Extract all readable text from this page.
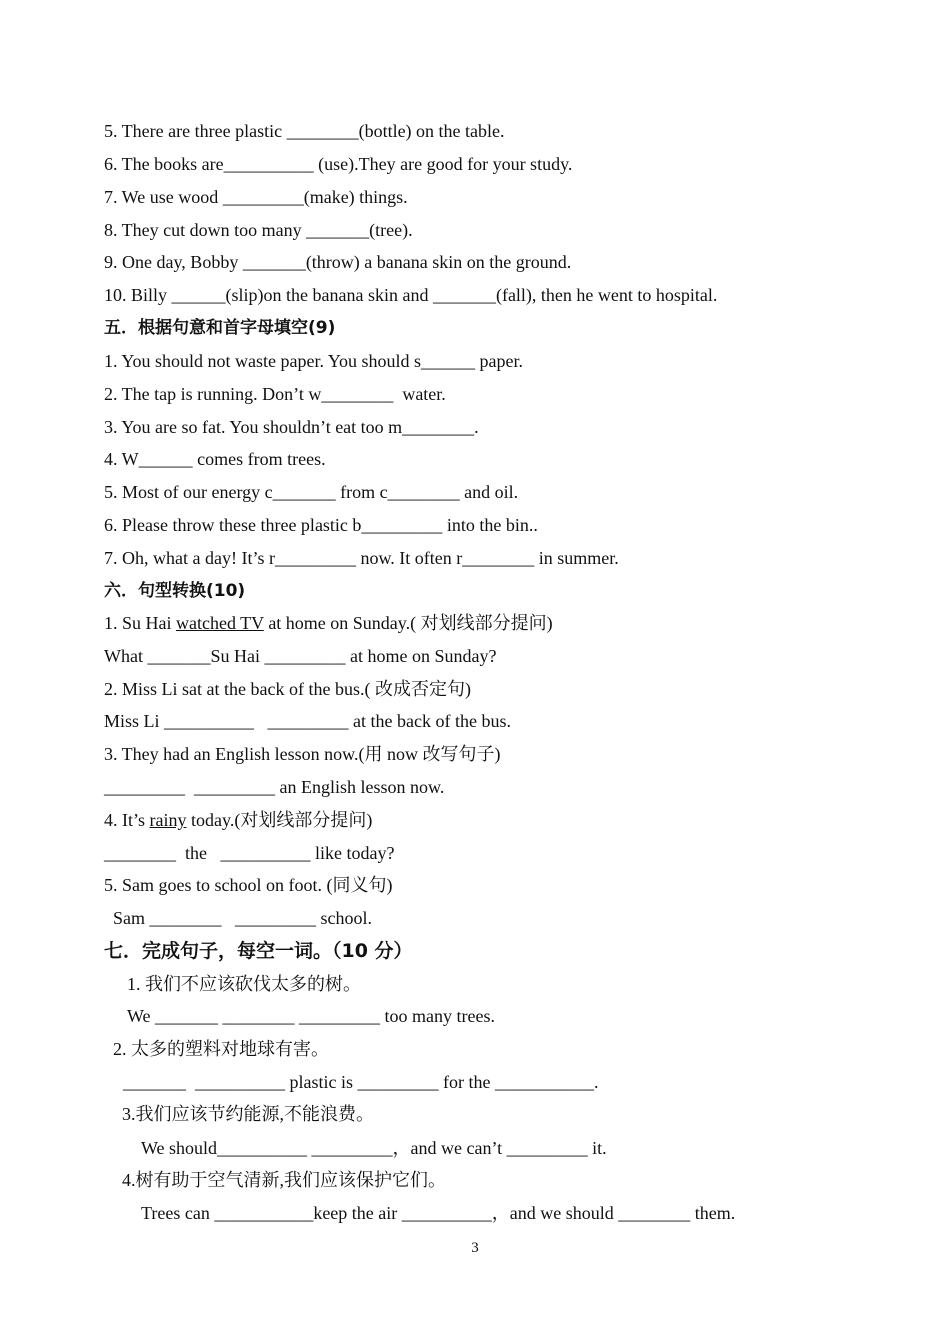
5. There are three plastic ________(bottle) on the table.
6. The books are__________ (use).They are good for your study.
7. We use wood _________(make) things.
8. They cut down too many _______(tree).
9. One day, Bobby _______(throw) a banana skin on the ground.
10. Billy ______(slip)on the banana skin and _______(fall), then he went to hospital.
五．根据句意和首字母填空(9)
1. You should not waste paper. You should s______ paper.
2. The tap is running. Don’t w________  water.
3. You are so fat. You shouldn’t eat too m________.
4. W______ comes from trees.
5. Most of our energy c_______ from c________ and oil.
6. Please throw these three plastic b_________ into the bin..
7. Oh, what a day! It’s r_________ now. It often r________ in summer.
六．句型转换(10)
1. Su Hai watched TV at home on Sunday.( 对划线部分提问)
What _______Su Hai _________ at home on Sunday?
2. Miss Li sat at the back of the bus.( 改成否定句)
Miss Li __________   _________ at the back of the bus.
3. They had an English lesson now.(用 now 改写句子)
_________  _________ an English lesson now.
4. It’s rainy today.(对划线部分提问)
________  the   __________ like today?
5. Sam goes to school on foot. (同义句)
Sam ________   _________ school.
七．完成句子，每空一词。（10 分）
1. 我们不应该砍伐太多的树。
We _______ ________ _________ too many trees.
2. 太多的塑料对地球有害。
_______  __________ plastic is _________ for the ___________.
3.我们应该节约能源,不能浪费。
We should__________ _________，and we can’t _________ it.
4.树有助于空气清新,我们应该保护它们。
Trees can ___________keep the air __________，and we should ________ them.
3
